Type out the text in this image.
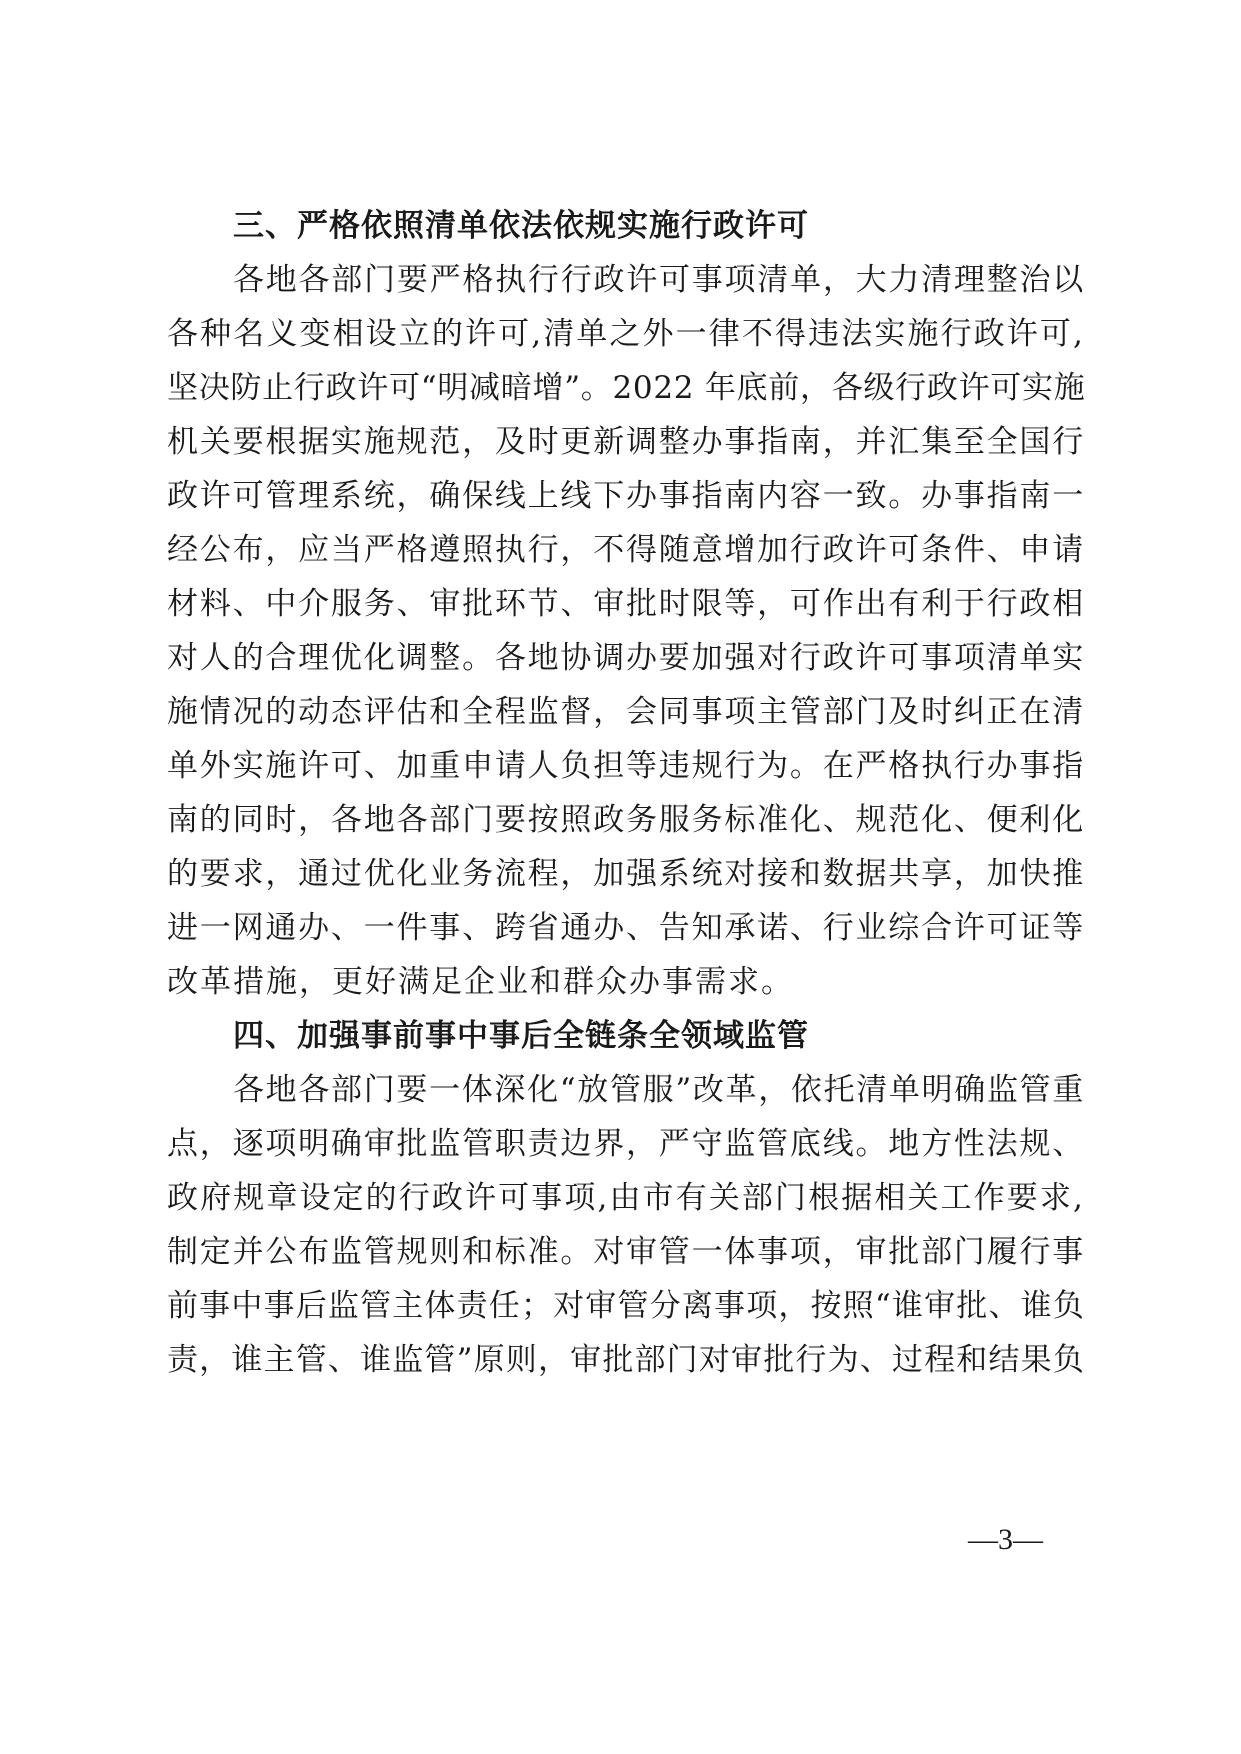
三、严格依照清单依法依规实施行政许可
各地各部门要严格执行行政许可事项清单，大力清理整治以
各种名义变相设立的许可,清单之外一律不得违法实施行政许可,
坚决防止行政许可“明减暗增”。2022 年底前，各级行政许可实施
机关要根据实施规范，及时更新调整办事指南，并汇集至全国行
政许可管理系统，确保线上线下办事指南内容一致。办事指南一
经公布，应当严格遵照执行，不得随意增加行政许可条件、申请
材料、中介服务、审批环节、审批时限等，可作出有利于行政相
对人的合理优化调整。各地协调办要加强对行政许可事项清单实
施情况的动态评估和全程监督，会同事项主管部门及时纠正在清
单外实施许可、加重申请人负担等违规行为。在严格执行办事指
南的同时，各地各部门要按照政务服务标准化、规范化、便利化
的要求，通过优化业务流程，加强系统对接和数据共享，加快推
进一网通办、一件事、跨省通办、告知承诺、行业综合许可证等
改革措施，更好满足企业和群众办事需求。
四、加强事前事中事后全链条全领域监管
各地各部门要一体深化“放管服”改革，依托清单明确监管重
点，逐项明确审批监管职责边界，严守监管底线。地方性法规、
政府规章设定的行政许可事项,由市有关部门根据相关工作要求,
制定并公布监管规则和标准。对审管一体事项，审批部门履行事
前事中事后监管主体责任；对审管分离事项，按照“谁审批、谁负
责，谁主管、谁监管”原则，审批部门对审批行为、过程和结果负
—3—
